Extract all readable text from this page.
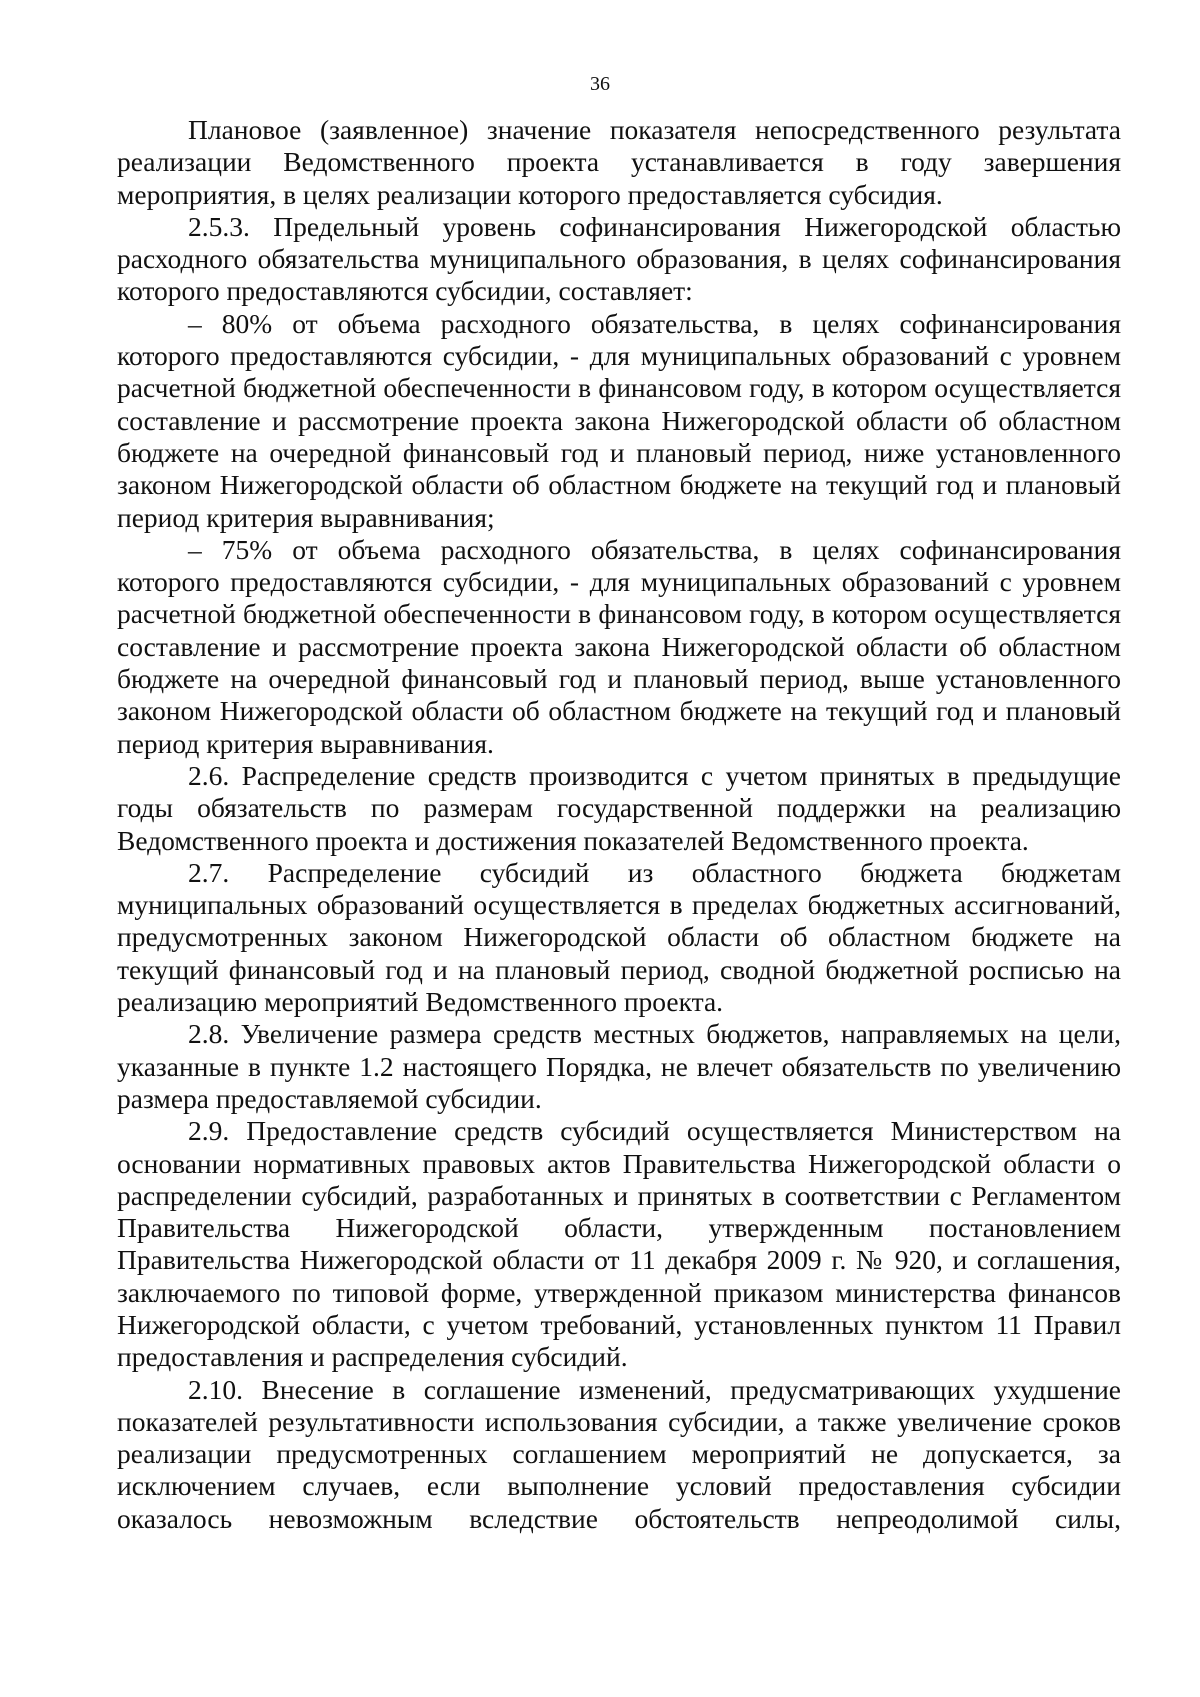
36

Плановое (заявленное) значение показателя непосредственного результата реализации Ведомственного проекта устанавливается в году завершения мероприятия, в целях реализации которого предоставляется субсидия.

2.5.3. Предельный уровень софинансирования Нижегородской областью расходного обязательства муниципального образования, в целях софинансирования которого предоставляются субсидии, составляет:

– 80% от объема расходного обязательства, в целях софинансирования которого предоставляются субсидии, - для муниципальных образований с уровнем расчетной бюджетной обеспеченности в финансовом году, в котором осуществляется составление и рассмотрение проекта закона Нижегородской области об областном бюджете на очередной финансовый год и плановый период, ниже установленного законом Нижегородской области об областном бюджете на текущий год и плановый период критерия выравнивания;

– 75% от объема расходного обязательства, в целях софинансирования которого предоставляются субсидии, - для муниципальных образований с уровнем расчетной бюджетной обеспеченности в финансовом году, в котором осуществляется составление и рассмотрение проекта закона Нижегородской области об областном бюджете на очередной финансовый год и плановый период, выше установленного законом Нижегородской области об областном бюджете на текущий год и плановый период критерия выравнивания.

2.6. Распределение средств производится с учетом принятых в предыдущие годы обязательств по размерам государственной поддержки на реализацию Ведомственного проекта и достижения показателей Ведомственного проекта.

2.7. Распределение субсидий из областного бюджета бюджетам муниципальных образований осуществляется в пределах бюджетных ассигнований, предусмотренных законом Нижегородской области об областном бюджете на текущий финансовый год и на плановый период, сводной бюджетной росписью на реализацию мероприятий Ведомственного проекта.

2.8. Увеличение размера средств местных бюджетов, направляемых на цели, указанные в пункте 1.2 настоящего Порядка, не влечет обязательств по увеличению размера предоставляемой субсидии.

2.9. Предоставление средств субсидий осуществляется Министерством на основании нормативных правовых актов Правительства Нижегородской области о распределении субсидий, разработанных и принятых в соответствии с Регламентом Правительства Нижегородской области, утвержденным постановлением Правительства Нижегородской области от 11 декабря 2009 г. № 920, и соглашения, заключаемого по типовой форме, утвержденной приказом министерства финансов Нижегородской области, с учетом требований, установленных пунктом 11 Правил предоставления и распределения субсидий.

2.10. Внесение в соглашение изменений, предусматривающих ухудшение показателей результативности использования субсидии, а также увеличение сроков реализации предусмотренных соглашением мероприятий не допускается, за исключением случаев, если выполнение условий предоставления субсидии оказалось невозможным вследствие обстоятельств непреодолимой силы,
